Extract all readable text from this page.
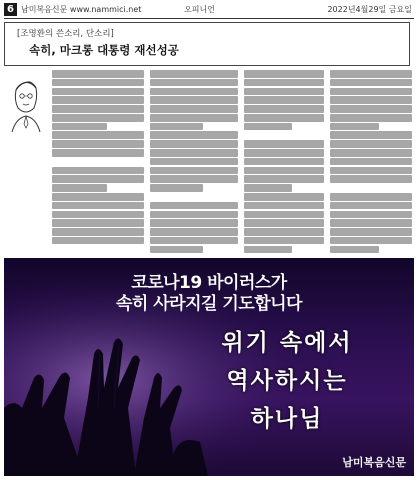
6 남미복음신문 www.nammici.net	오피니언	2022년4월29일 금요일
[조명환의 쓴소리, 단소리]
속히, 마크롱 대통령 재선성공
코로나19 바이러스가
속히 사라지길 기도합니다
위기 속에서
역사하시는
하나님
남미복음신문
